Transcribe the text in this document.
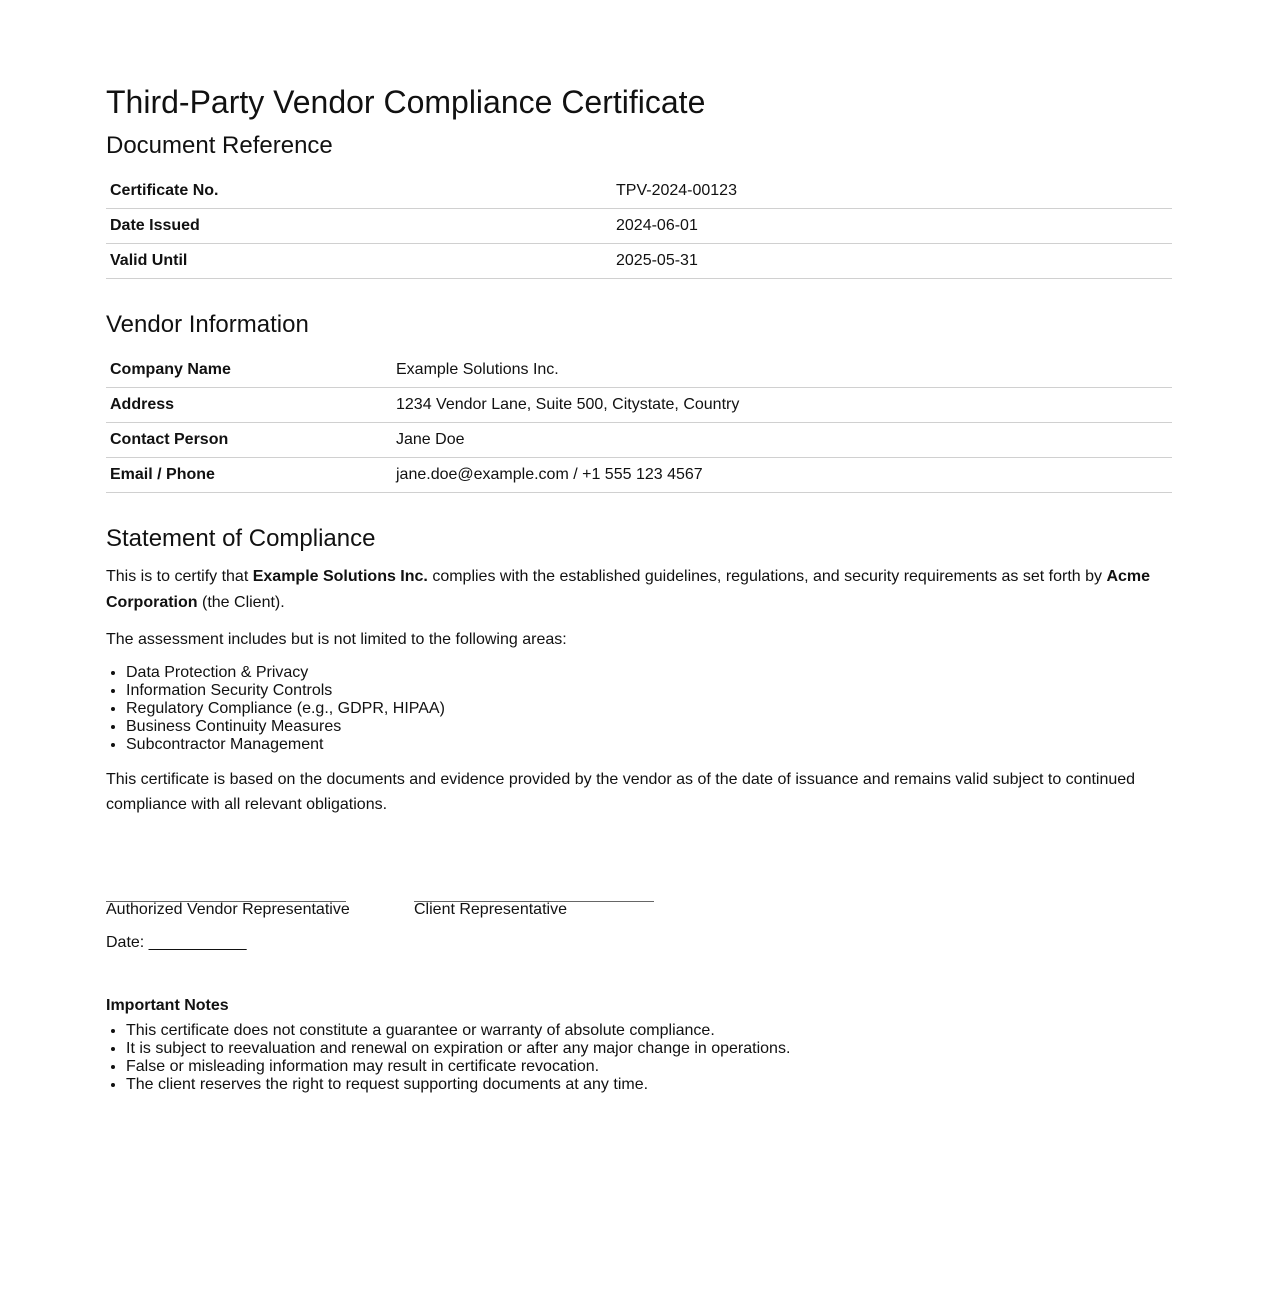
Third-Party Vendor Compliance Certificate
Document Reference
Certificate No.	TPV-2024-00123
Date Issued	2024-06-01
Valid Until	2025-05-31
Vendor Information
Company Name	Example Solutions Inc.
Address	1234 Vendor Lane, Suite 500, Citystate, Country
Contact Person	Jane Doe
Email / Phone	jane.doe@example.com / +1 555 123 4567
Statement of Compliance

This is to certify that Example Solutions Inc. complies with the established guidelines, regulations, and security requirements as set forth by Acme Corporation (the Client).

The assessment includes but is not limited to the following areas:

• Data Protection & Privacy
• Information Security Controls
• Regulatory Compliance (e.g., GDPR, HIPAA)
• Business Continuity Measures
• Subcontractor Management

This certificate is based on the documents and evidence provided by the vendor as of the date of issuance and remains valid subject to continued compliance with all relevant obligations.

Authorized Vendor Representative	Client Representative
Date: ___________
Important Notes
• This certificate does not constitute a guarantee or warranty of absolute compliance.
• It is subject to reevaluation and renewal on expiration or after any major change in operations.
• False or misleading information may result in certificate revocation.
• The client reserves the right to request supporting documents at any time.
